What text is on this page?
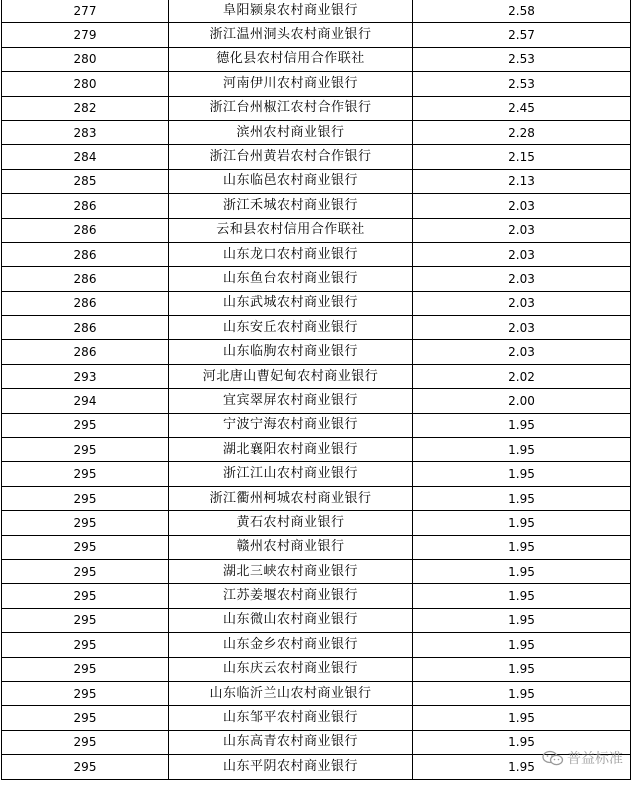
277	阜阳颍泉农村商业银行	2.58
279	浙江温州洞头农村商业银行	2.57
280	德化县农村信用合作联社	2.53
280	河南伊川农村商业银行	2.53
282	浙江台州椒江农村合作银行	2.45
283	滨州农村商业银行	2.28
284	浙江台州黄岩农村合作银行	2.15
285	山东临邑农村商业银行	2.13
286	浙江禾城农村商业银行	2.03
286	云和县农村信用合作联社	2.03
286	山东龙口农村商业银行	2.03
286	山东鱼台农村商业银行	2.03
286	山东武城农村商业银行	2.03
286	山东安丘农村商业银行	2.03
286	山东临朐农村商业银行	2.03
293	河北唐山曹妃甸农村商业银行	2.02
294	宜宾翠屏农村商业银行	2.00
295	宁波宁海农村商业银行	1.95
295	湖北襄阳农村商业银行	1.95
295	浙江江山农村商业银行	1.95
295	浙江衢州柯城农村商业银行	1.95
295	黄石农村商业银行	1.95
295	赣州农村商业银行	1.95
295	湖北三峡农村商业银行	1.95
295	江苏姜堰农村商业银行	1.95
295	山东微山农村商业银行	1.95
295	山东金乡农村商业银行	1.95
295	山东庆云农村商业银行	1.95
295	山东临沂兰山农村商业银行	1.95
295	山东邹平农村商业银行	1.95
295	山东高青农村商业银行	1.95
295	山东平阴农村商业银行	1.95 普益标准
